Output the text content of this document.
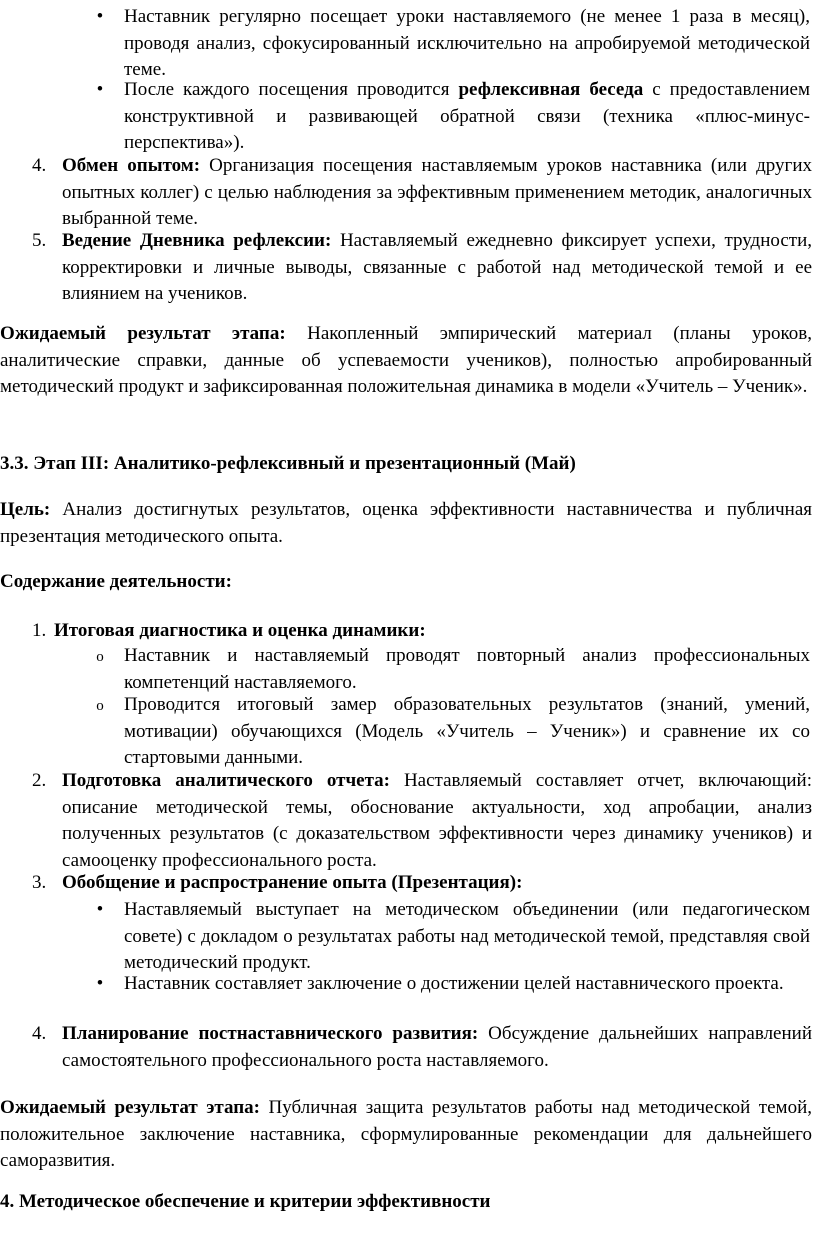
•
Наставник регулярно посещает уроки наставляемого (не менее 1 раза в месяц), проводя анализ, сфокусированный исключительно на апробируемой методической теме.
•
После каждого посещения проводится рефлексивная беседа с предоставлением конструктивной и развивающей обратной связи (техника «плюс-минус-перспектива»).
4. Обмен опытом: Организация посещения наставляемым уроков наставника (или других опытных коллег) с целью наблюдения за эффективным применением методик, аналогичных выбранной теме.
5. Ведение Дневника рефлексии: Наставляемый ежедневно фиксирует успехи, трудности, корректировки и личные выводы, связанные с работой над методической темой и ее влиянием на учеников.
Ожидаемый результат этапа: Накопленный эмпирический материал (планы уроков, аналитические справки, данные об успеваемости учеников), полностью апробированный методический продукт и зафиксированная положительная динамика в модели «Учитель – Ученик».
3.3. Этап III: Аналитико-рефлексивный и презентационный (Май)
Цель: Анализ достигнутых результатов, оценка эффективности наставничества и публичная презентация методического опыта.
Содержание деятельности:
1. Итоговая диагностика и оценка динамики:
o
Наставник и наставляемый проводят повторный анализ профессиональных компетенций наставляемого.
o
Проводится итоговый замер образовательных результатов (знаний, умений, мотивации) обучающихся (Модель «Учитель – Ученик») и сравнение их со стартовыми данными.
2. Подготовка аналитического отчета: Наставляемый составляет отчет, включающий: описание методической темы, обоснование актуальности, ход апробации, анализ полученных результатов (с доказательством эффективности через динамику учеников) и самооценку профессионального роста.
3. Обобщение и распространение опыта (Презентация):
•
Наставляемый выступает на методическом объединении (или педагогическом совете) с докладом о результатах работы над методической темой, представляя свой методический продукт.
•
Наставник составляет заключение о достижении целей наставнического проекта.
4. Планирование постнаставнического развития: Обсуждение дальнейших направлений самостоятельного профессионального роста наставляемого.
Ожидаемый результат этапа: Публичная защита результатов работы над методической темой, положительное заключение наставника, сформулированные рекомендации для дальнейшего саморазвития.
4. Методическое обеспечение и критерии эффективности
